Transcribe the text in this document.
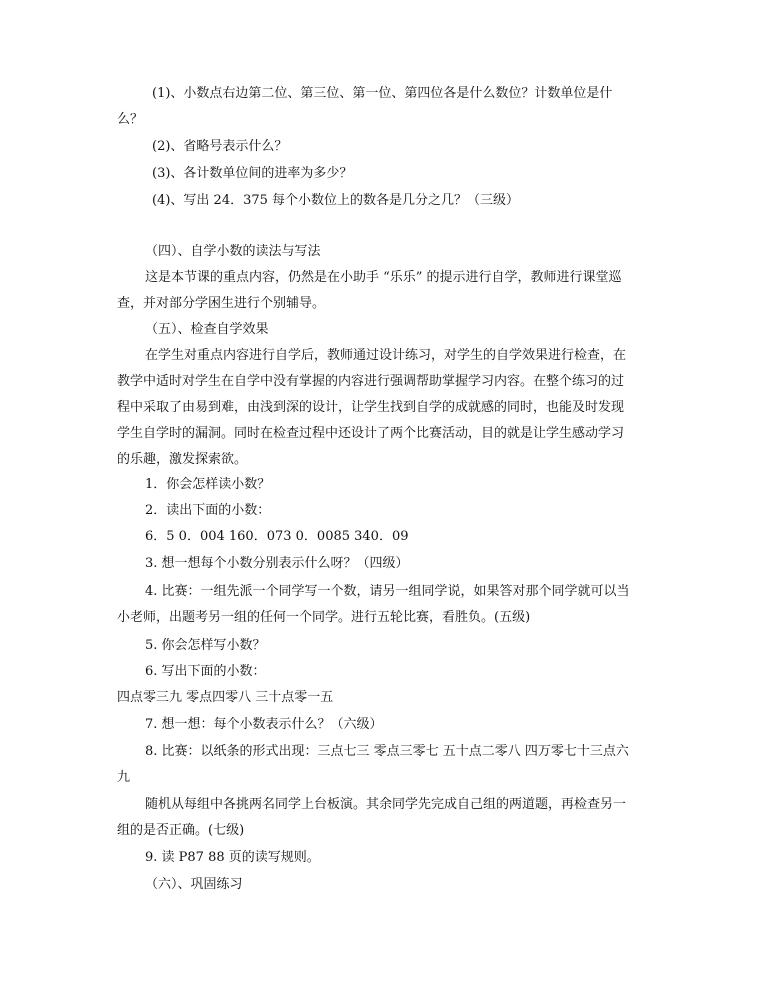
(1)、小数点右边第二位、第三位、第一位、第四位各是什么数位？计数单位是什
么？
(2)、省略号表示什么？
(3)、各计数单位间的进率为多少？
(4)、写出 24．375 每个小数位上的数各是几分之几？（三级）
（四）、自学小数的读法与写法
这是本节课的重点内容，仍然是在小助手 “乐乐” 的提示进行自学，教师进行课堂巡
查，并对部分学困生进行个别辅导。
（五）、检查自学效果
在学生对重点内容进行自学后，教师通过设计练习，对学生的自学效果进行检查，在
教学中适时对学生在自学中没有掌握的内容进行强调帮助掌握学习内容。在整个练习的过
程中采取了由易到难，由浅到深的设计，让学生找到自学的成就感的同时，也能及时发现
学生自学时的漏洞。同时在检查过程中还设计了两个比赛活动，目的就是让学生感动学习
的乐趣，激发探索欲。
1．你会怎样读小数？
2．读出下面的小数：
6．5 0．004 160．073 0．0085 340．09
3. 想一想每个小数分别表示什么呀？（四级）
4. 比赛：一组先派一个同学写一个数，请另一组同学说，如果答对那个同学就可以当
小老师，出题考另一组的任何一个同学。进行五轮比赛，看胜负。(五级)
5. 你会怎样写小数？
6. 写出下面的小数：
四点零三九 零点四零八 三十点零一五
7. 想一想：每个小数表示什么？（六级）
8. 比赛：以纸条的形式出现：三点七三 零点三零七 五十点二零八 四万零七十三点六
九
随机从每组中各挑两名同学上台板演。其余同学先完成自己组的两道题，再检查另一
组的是否正确。(七级)
9. 读 P87 88 页的读写规则。
（六）、巩固练习
